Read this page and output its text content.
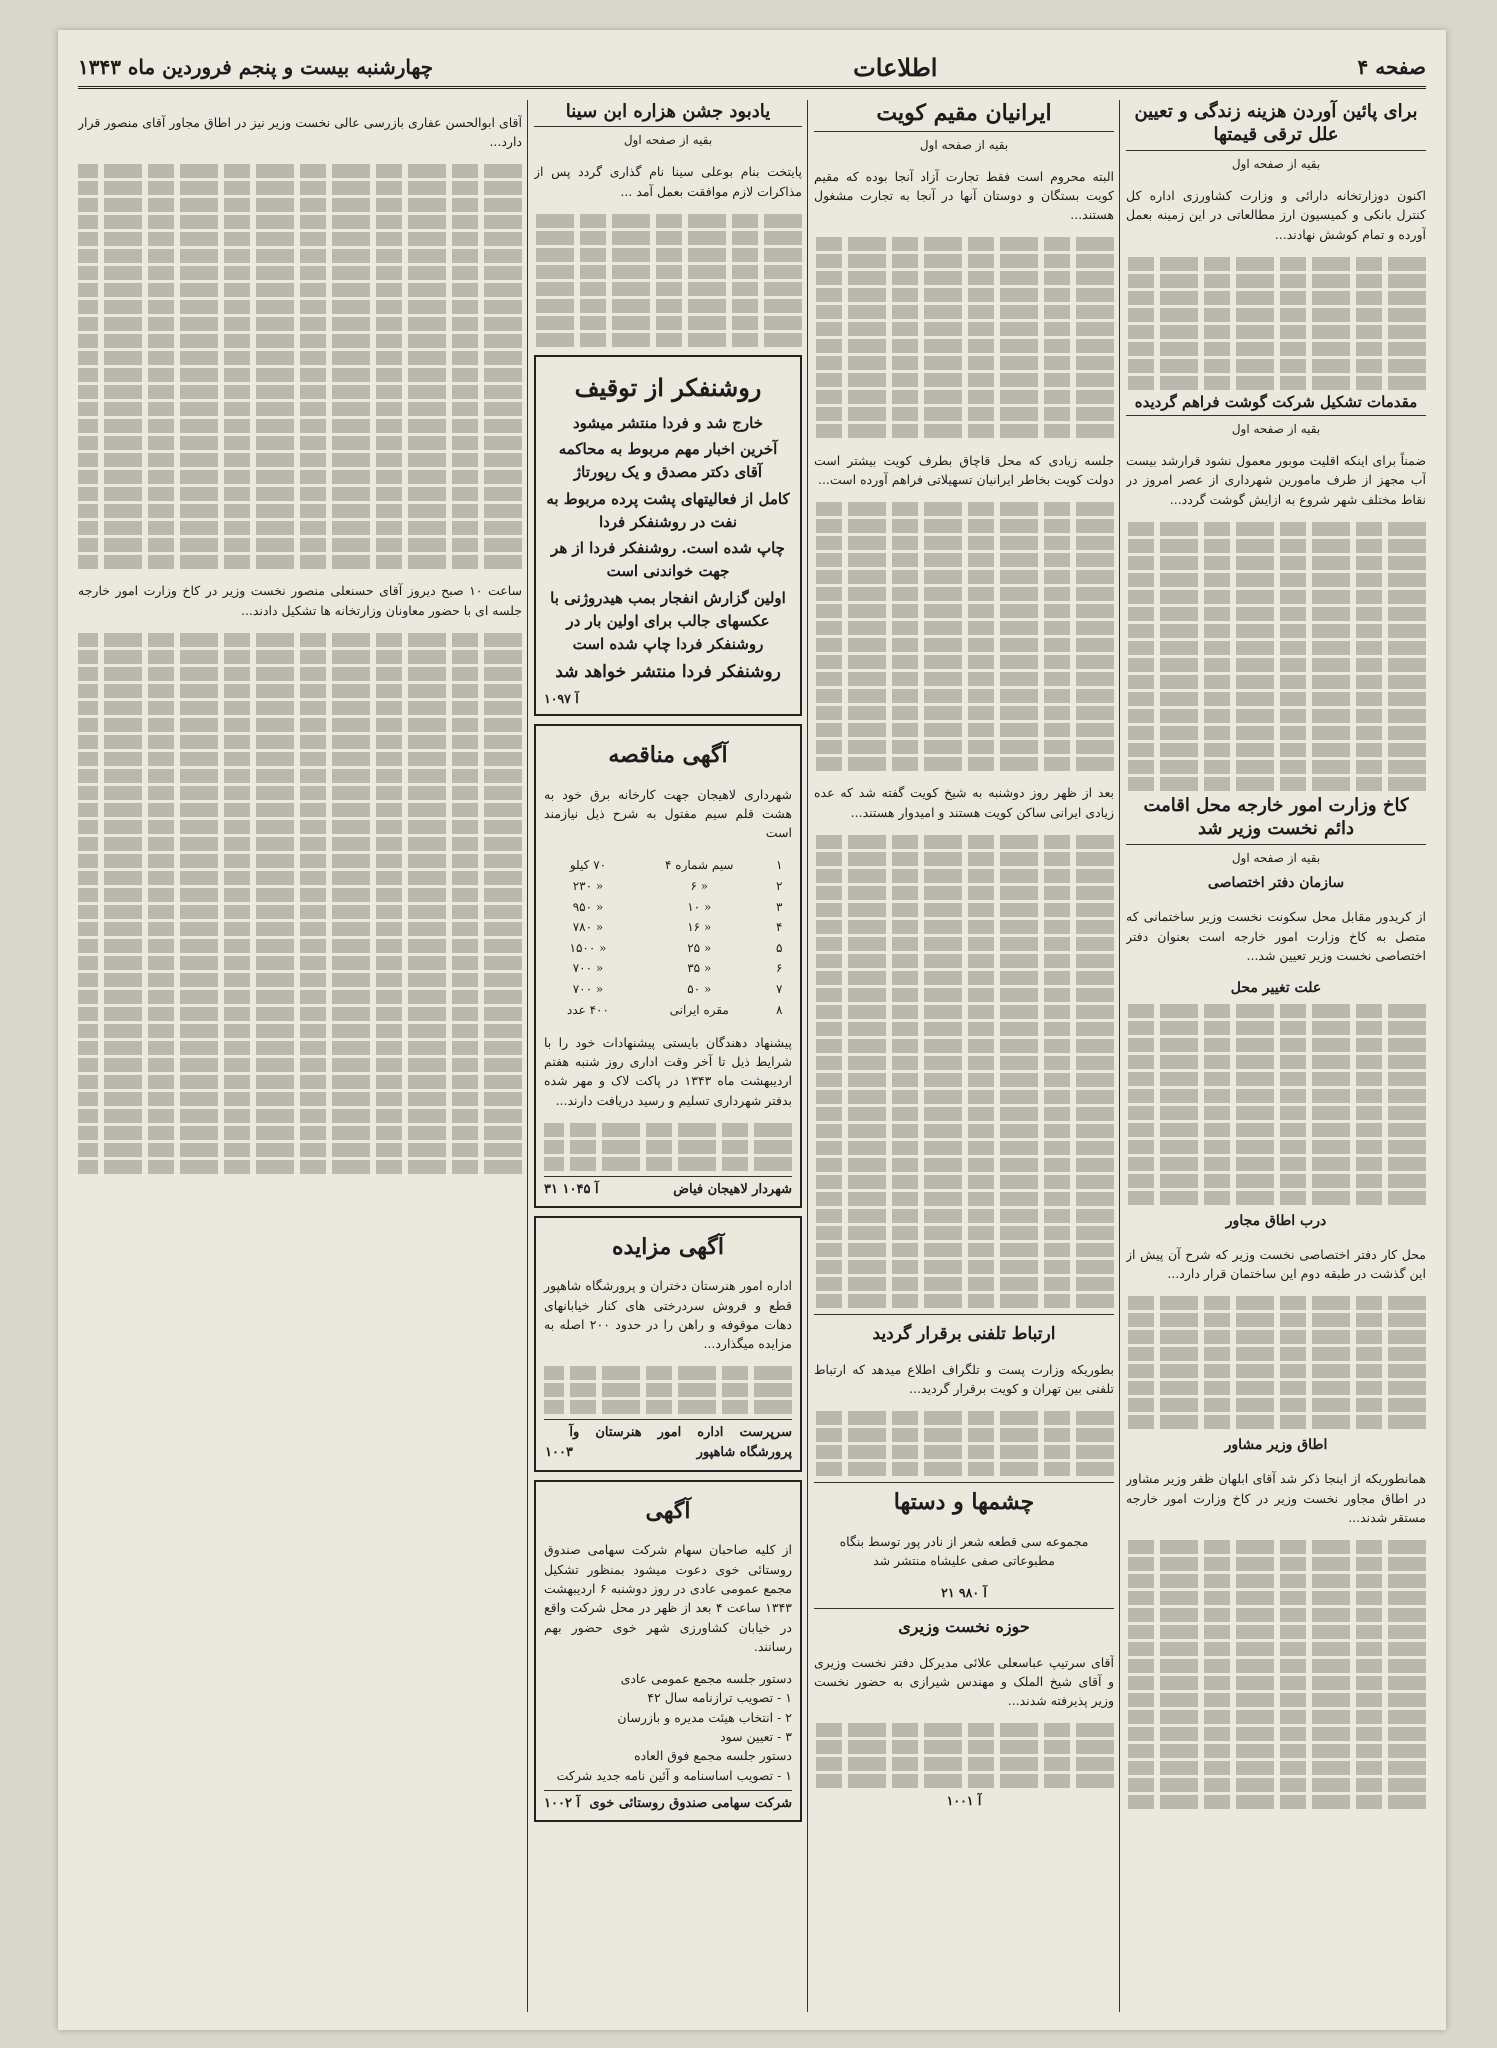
صفحه ۴
اطلاعات
چهارشنبه بیست و پنجم فروردین ماه ۱۳۴۳
برای پائین آوردن هزینه زندگی و تعیین علل ترقی قیمتها
بقیه از صفحه اول

اکنون دوزارتخانه دارائی و وزارت کشاورزی اداره کل کنترل بانکی و کمیسیون ارز مطالعاتی در این زمینه بعمل آورده و تمام کوشش نهادند...

مقدمات تشکیل شرکت گوشت فراهم گردیده
بقیه از صفحه اول

ضمناً برای اینکه اقلیت موبور معمول نشود قرارشد بیست آب مجهز از طرف مامورین شهرداری از عصر امروز در نقاط مختلف شهر شروع به ازایش گوشت گردد...

کاخ وزارت امور خارجه محل اقامت دائم نخست وزیر شد
بقیه از صفحه اول
سازمان دفتر اختصاصی

از کریدور مقابل محل سکونت نخست وزیر ساختمانی که متصل به کاخ وزارت امور خارجه است بعنوان دفتر اختصاصی نخست وزیر تعیین شد...

علت تغییر محل
درب اطاق مجاور

محل کار دفتر اختصاصی نخست وزیر که شرح آن پیش از این گذشت در طبقه دوم این ساختمان قرار دارد...

اطاق وزیر مشاور

همانطوریکه از اینجا ذکر شد آقای ابلهان ظفر وزیر مشاور در اطاق مجاور نخست وزیر در کاخ وزارت امور خارجه مستقر شدند...

ایرانیان مقیم کویت
بقیه از صفحه اول

البته محروم است فقط تجارت آزاد آنجا بوده که مقیم کویت بستگان و دوستان آنها در آنجا به تجارت مشغول هستند...

جلسه زیادی که محل قاچاق بطرف کویت بیشتر است دولت کویت بخاطر ایرانیان تسهیلاتی فراهم آورده است...

بعد از ظهر روز دوشنبه به شیخ کویت گفته شد که عده زیادی ایرانی ساکن کویت هستند و امیدوار هستند...

ارتباط تلفنی برقرار گردید

بطوریکه وزارت پست و تلگراف اطلاع میدهد که ارتباط تلفنی بین تهران و کویت برقرار گردید...

چشمها و دستها

مجموعه سی قطعه شعر از نادر پور توسط بنگاه مطبوعاتی صفی علیشاه منتشر شد

آ ۹۸۰ ۲۱
حوزه نخست وزیری

آقای سرتیپ عباسعلی علائی مدیرکل دفتر نخست وزیری و آقای شیخ الملک و مهندس شیرازی به حضور نخست وزیر پذیرفته شدند...

آ ۱۰۰۱
یادبود جشن هزاره ابن سینا
بقیه از صفحه اول

پایتخت بنام بوعلی سینا نام گذاری گردد پس از مذاکرات لازم موافقت بعمل آمد ...

روشنفکر از توقیف
خارج شد و فردا منتشر میشود
آخرین اخبار مهم مربوط به محاکمه آقای دکتر مصدق و یک رپورتاژ
کامل از فعالیتهای پشت پرده مربوط به نفت در روشنفکر فردا
چاپ شده است. روشنفکر فردا از هر جهت خواندنی است
اولین گزارش انفجار بمب هیدروژنی با عکسهای جالب برای اولین بار در روشنفکر فردا چاپ شده است
روشنفکر فردا منتشر خواهد شد
آ ۱۰۹۷
آگهی مناقصه

شهرداری لاهیجان جهت کارخانه برق خود به هشت قلم سیم مفتول به شرح ذیل نیازمند است

۱	سیم شماره ۴	۷۰ کیلو
۲	« ۶	« ۲۳۰
۳	« ۱۰	« ۹۵۰
۴	« ۱۶	« ۷۸۰
۵	« ۲۵	« ۱۵۰۰
۶	« ۳۵	« ۷۰۰
۷	« ۵۰	« ۷۰۰
۸	مقره ایرانی	۴۰۰ عدد

پیشنهاد دهندگان بایستی پیشنهادات خود را با شرایط ذیل تا آخر وقت اداری روز شنبه هفتم اردیبهشت ماه ۱۳۴۳ در پاکت لاک و مهر شده بدفتر شهرداری تسلیم و رسید دریافت دارند...

شهردار لاهیجان فیاض
آ ۱۰۴۵ ۳۱
آگهی مزایده

اداره امور هنرستان دختران و پرورشگاه شاهپور قطع و فروش سردرختی های کنار خیابانهای دهات موقوفه و راهن را در حدود ۲۰۰ اصله به مزایده میگذارد...

سرپرست اداره امور هنرستان و پرورشگاه شاهپور
آ ۱۰۰۳
آگهی

از کلیه صاحبان سهام شرکت سهامی صندوق روستائی خوی دعوت میشود بمنظور تشکیل مجمع عمومی عادی در روز دوشنبه ۶ اردیبهشت ۱۳۴۳ ساعت ۴ بعد از ظهر در محل شرکت واقع در خیابان کشاورزی شهر خوی حضور بهم رسانند.

دستور جلسه مجمع عمومی عادی
۱ - تصویب ترازنامه سال ۴۲
۲ - انتخاب هیئت مدیره و بازرسان
۳ - تعیین سود
دستور جلسه مجمع فوق العاده
۱ - تصویب اساسنامه و آئین نامه جدید شرکت
شرکت سهامی صندوق روستائی خوی
آ ۱۰۰۲

آقای ابوالحسن عفاری بازرسی عالی نخست وزیر نیز در اطاق مجاور آقای منصور قرار دارد...

ساعت ۱۰ صبح دیروز آقای حسنعلی منصور نخست وزیر در کاخ وزارت امور خارجه جلسه ای با حضور معاونان وزارتخانه ها تشکیل دادند...
